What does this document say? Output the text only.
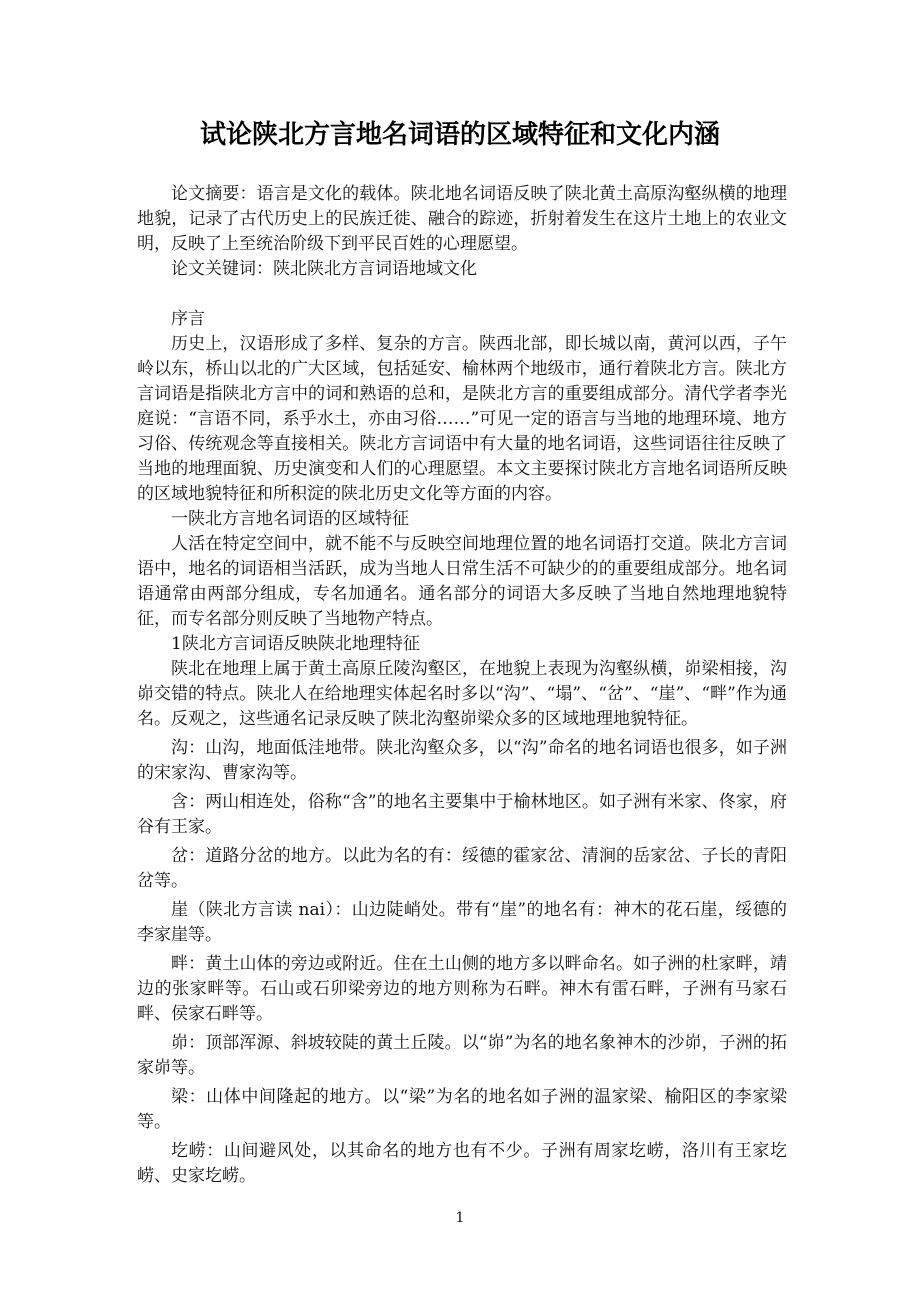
试论陕北方言地名词语的区域特征和文化内涵

论文摘要：语言是文化的载体。陕北地名词语反映了陕北黄土高原沟壑纵横的地理地貌，记录了古代历史上的民族迁徙、融合的踪迹，折射着发生在这片土地上的农业文明，反映了上至统治阶级下到平民百姓的心理愿望。

论文关键词：陕北陕北方言词语地域文化

序言

历史上，汉语形成了多样、复杂的方言。陕西北部，即长城以南，黄河以西，子午岭以东，桥山以北的广大区域，包括延安、榆林两个地级市，通行着陕北方言。陕北方言词语是指陕北方言中的词和熟语的总和，是陕北方言的重要组成部分。清代学者李光庭说：“言语不同，系乎水土，亦由习俗……”可见一定的语言与当地的地理环境、地方习俗、传统观念等直接相关。陕北方言词语中有大量的地名词语，这些词语往往反映了当地的地理面貌、历史演变和人们的心理愿望。本文主要探讨陕北方言地名词语所反映的区域地貌特征和所积淀的陕北历史文化等方面的内容。

一陕北方言地名词语的区域特征

人活在特定空间中，就不能不与反映空间地理位置的地名词语打交道。陕北方言词语中，地名的词语相当活跃，成为当地人日常生活不可缺少的的重要组成部分。地名词语通常由两部分组成，专名加通名。通名部分的词语大多反映了当地自然地理地貌特征，而专名部分则反映了当地物产特点。

1陕北方言词语反映陕北地理特征

陕北在地理上属于黄土高原丘陵沟壑区，在地貌上表现为沟壑纵横，峁梁相接，沟峁交错的特点。陕北人在给地理实体起名时多以“沟”、“塌”、“岔”、“崖”、“畔”作为通名。反观之，这些通名记录反映了陕北沟壑峁梁众多的区域地理地貌特征。

沟：山沟，地面低洼地带。陕北沟壑众多，以“沟”命名的地名词语也很多，如子洲的宋家沟、曹家沟等。

含：两山相连处，俗称“含”的地名主要集中于榆林地区。如子洲有米家、佟家，府谷有王家。

岔：道路分岔的地方。以此为名的有：绥德的霍家岔、清涧的岳家岔、子长的青阳岔等。

崖（陕北方言读 nai）：山边陡峭处。带有“崖”的地名有：神木的花石崖，绥德的李家崖等。

畔：黄土山体的旁边或附近。住在土山侧的地方多以畔命名。如子洲的杜家畔，靖边的张家畔等。石山或石卯梁旁边的地方则称为石畔。神木有雷石畔，子洲有马家石畔、侯家石畔等。

峁：顶部浑源、斜坡较陡的黄土丘陵。以“峁”为名的地名象神木的沙峁，子洲的拓家峁等。

梁：山体中间隆起的地方。以“梁”为名的地名如子洲的温家梁、榆阳区的李家梁等。

圪崂：山间避风处，以其命名的地方也有不少。子洲有周家圪崂，洛川有王家圪崂、史家圪崂。

1
